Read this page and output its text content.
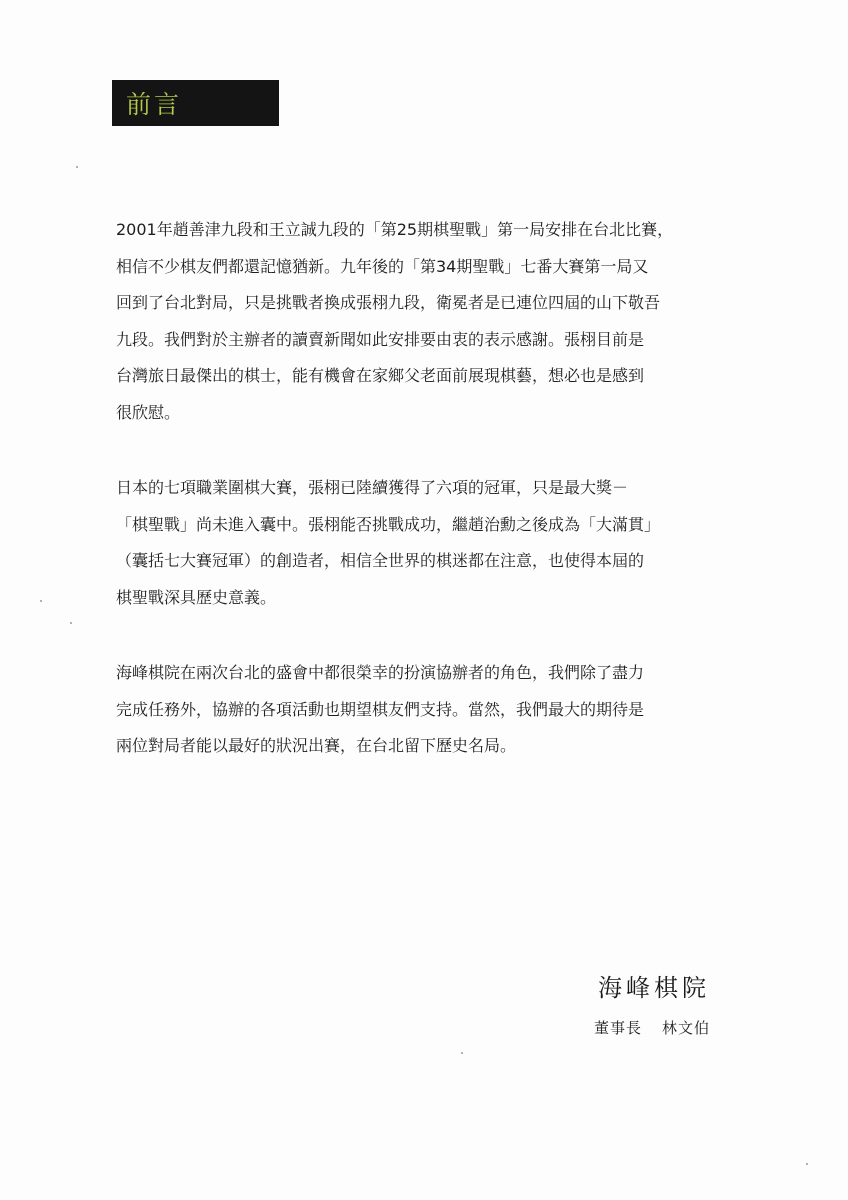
前言

2001年趙善津九段和王立誠九段的「第25期棋聖戰」第一局安排在台北比賽，
相信不少棋友們都還記憶猶新。九年後的「第34期聖戰」七番大賽第一局又
回到了台北對局，只是挑戰者換成張栩九段，衛冕者是已連位四屆的山下敬吾
九段。我們對於主辦者的讀賣新聞如此安排要由衷的表示感謝。張栩目前是
台灣旅日最傑出的棋士，能有機會在家鄉父老面前展現棋藝，想必也是感到
很欣慰。

日本的七項職業圍棋大賽，張栩已陸續獲得了六項的冠軍，只是最大獎－
「棋聖戰」尚未進入囊中。張栩能否挑戰成功，繼趙治勳之後成為「大滿貫」
（囊括七大賽冠軍）的創造者，相信全世界的棋迷都在注意，也使得本屆的
棋聖戰深具歷史意義。

海峰棋院在兩次台北的盛會中都很榮幸的扮演協辦者的角色，我們除了盡力
完成任務外，協辦的各項活動也期望棋友們支持。當然，我們最大的期待是
兩位對局者能以最好的狀況出賽，在台北留下歷史名局。

海峰棋院
董事長 林文伯
